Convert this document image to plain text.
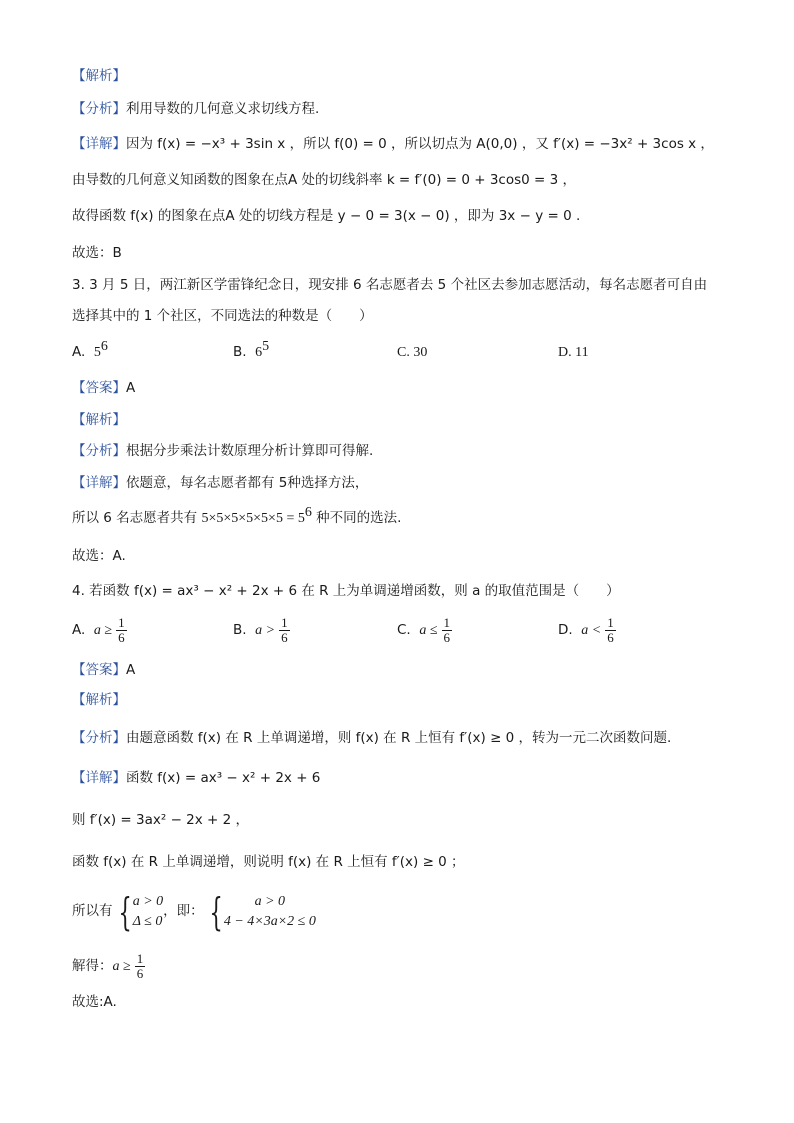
【解析】
【分析】利用导数的几何意义求切线方程.
【详解】因为 f(x) = −x³ + 3sin x ，所以 f(0) = 0 ，所以切点为 A(0,0) ，又 f′(x) = −3x² + 3cos x ，
由导数的几何意义知函数的图象在点A 处的切线斜率 k = f′(0) = 0 + 3cos0 = 3 ，
故得函数 f(x) 的图象在点A 处的切线方程是 y − 0 = 3(x − 0) ，即为 3x − y = 0 .
故选：B
3. 3 月 5 日，两江新区学雷锋纪念日，现安排 6 名志愿者去 5 个社区去参加志愿活动，每名志愿者可自由
选择其中的 1 个社区，不同选法的种数是（　　）
A. $5^6$	B. $6^5$	C. 30	D. 11
【答案】A
【解析】
【分析】根据分步乘法计数原理分析计算即可得解.
【详解】依题意，每名志愿者都有 5种选择方法，
所以 6 名志愿者共有 $5\times 5\times 5\times 5\times 5\times 5 = 5^6$ 种不同的选法.
故选：A.
4. 若函数 f(x) = ax³ − x² + 2x + 6 在 R 上为单调递增函数，则 a 的取值范围是（　　）
A. $a \ge \frac{1}{6}$	B. $a > \frac{1}{6}$	C. $a \le \frac{1}{6}$	D. $a < \frac{1}{6}$
【答案】A
【解析】
【分析】由题意函数 f(x) 在 R 上单调递增，则 f(x) 在 R 上恒有 f′(x) ≥ 0 ，转为一元二次函数问题.
【详解】函数 f(x) = ax³ − x² + 2x + 6
则 f′(x) = 3ax² − 2x + 2 ，
函数 f(x) 在 R 上单调递增，则说明 f(x) 在 R 上恒有 f′(x) ≥ 0 ；
所以有 { a > 0
Δ ≤ 0
，即： { a > 0
4 − 4×3a×2 ≤ 0
解得：$a \ge \frac{1}{6}$
故选:A.
